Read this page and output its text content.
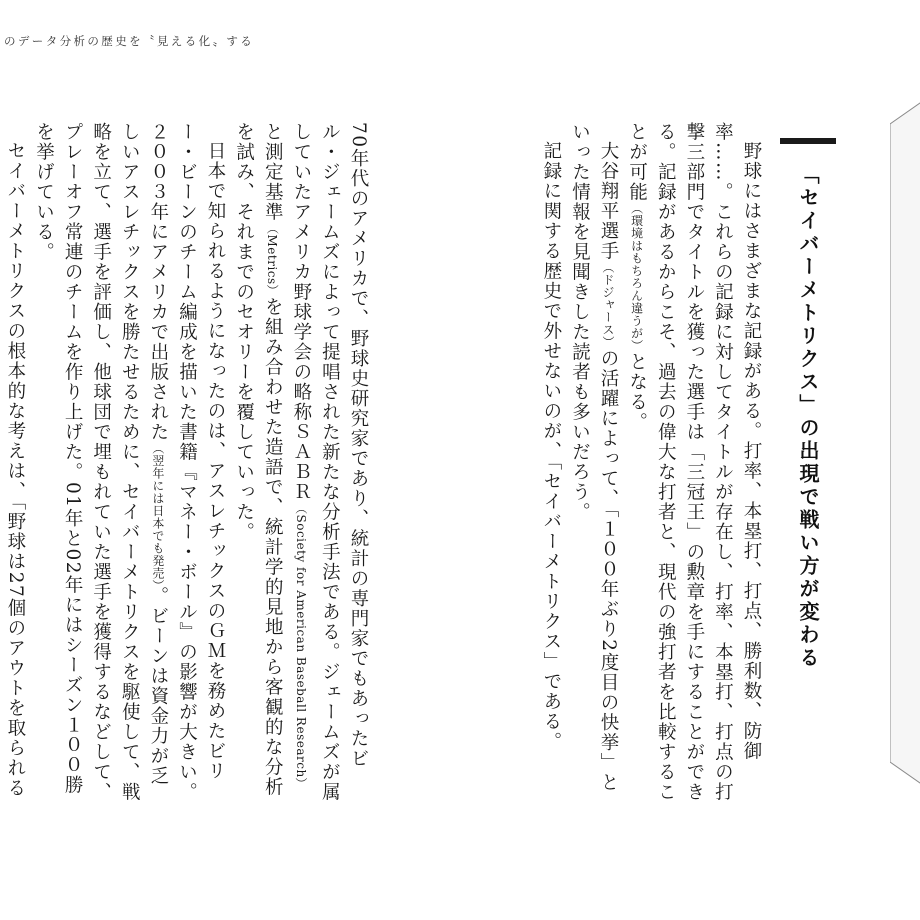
のデータ分析の歴史を〝見える化〟する
「セイバーメトリクス」の出現で戦い方が変わる

野球にはさまざまな記録がある。打率、本塁打、打点、勝利数、防御率……。これらの記録に対してタイトルが存在し、打率、本塁打、打点の打撃三部門でタイトルを獲った選手は「三冠王」の勲章を手にすることができる。記録があるからこそ、過去の偉大な打者と、現代の強打者を比較することが可能（環境はもちろん違うが）となる。

大谷翔平選手（ドジャース）の活躍によって、「１００年ぶり2度目の快挙」といった情報を見聞きした読者も多いだろう。

記録に関する歴史で外せないのが、「セイバーメトリクス」である。

70年代のアメリカで、野球史研究家であり、統計の専門家でもあったビル・ジェームズによって提唱された新たな分析手法である。ジェームズが属していたアメリカ野球学会の略称ＳＡＢＲ（Society for American Baseball Research）と測定基準（Metrics）を組み合わせた造語で、統計学的見地から客観的な分析を試み、それまでのセオリーを覆していった。

日本で知られるようになったのは、アスレチックスのＧＭを務めたビリー・ビーンのチーム編成を描いた書籍『マネー・ボール』の影響が大きい。２００３年にアメリカで出版された（翌年には日本でも発売）。ビーンは資金力が乏しいアスレチックスを勝たせるために、セイバーメトリクスを駆使して、戦略を立て、選手を評価し、他球団で埋もれていた選手を獲得するなどして、プレーオフ常連のチームを作り上げた。01年と02年にはシーズン１００勝を挙げている。

セイバーメトリクスの根本的な考えは、「野球は27個のアウトを取られる
